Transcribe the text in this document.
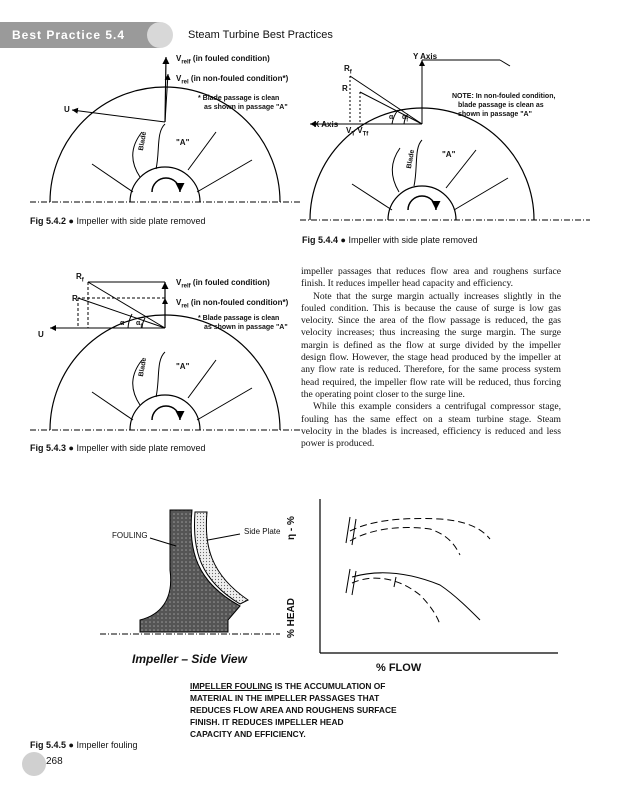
Best Practice 5.4	Steam Turbine Best Practices
$V_{relf}$ (in fouled condition)
$V_{rel}$ (in non-fouled condition*)
* Blade passage is clean
as shown in passage "A"
U
Blade	"A"
Fig 5.4.2 ● Impeller with side plate removed
Y Axis
X Axis
$R_f$
R
α $\alpha_f$
$V_T$ $V_{Tf}$
NOTE: In non-fouled condition,
blade passage is clean as
shown in passage "A"
Blade	"A"
Fig 5.4.4 ● Impeller with side plate removed
$R_f$
R
U
α $\alpha_f$
$V_{relf}$ (in fouled condition)
$V_{rel}$ (in non-fouled condition*)
* Blade passage is clean
as shown in passage "A"
Blade	"A"
Fig 5.4.3 ● Impeller with side plate removed

impeller passages that reduces flow area and roughens surface finish. It reduces impeller head capacity and efficiency.

Note that the surge margin actually increases slightly in the fouled condition. This is because the cause of surge is low gas velocity. Since the area of the flow passage is reduced, the gas velocity increases; thus increasing the surge margin. The surge margin is defined as the flow at surge divided by the impeller design flow. However, the stage head produced by the impeller at any flow rate is reduced. Therefore, for the same process system head required, the impeller flow rate will be reduced, thus forcing the operating point closer to the surge line.

While this example considers a centrifugal compressor stage, fouling has the same effect on a steam turbine stage. Steam velocity in the blades is increased, efficiency is reduced and less power is produced.

FOULING	Side Plate
Impeller – Side View
η - %
% HEAD
% FLOW
IMPELLER FOULING IS THE ACCUMULATION OF
MATERIAL IN THE IMPELLER PASSAGES THAT
REDUCES FLOW AREA AND ROUGHENS SURFACE
FINISH. IT REDUCES IMPELLER HEAD
CAPACITY AND EFFICIENCY.
Fig 5.4.5 ● Impeller fouling
268
